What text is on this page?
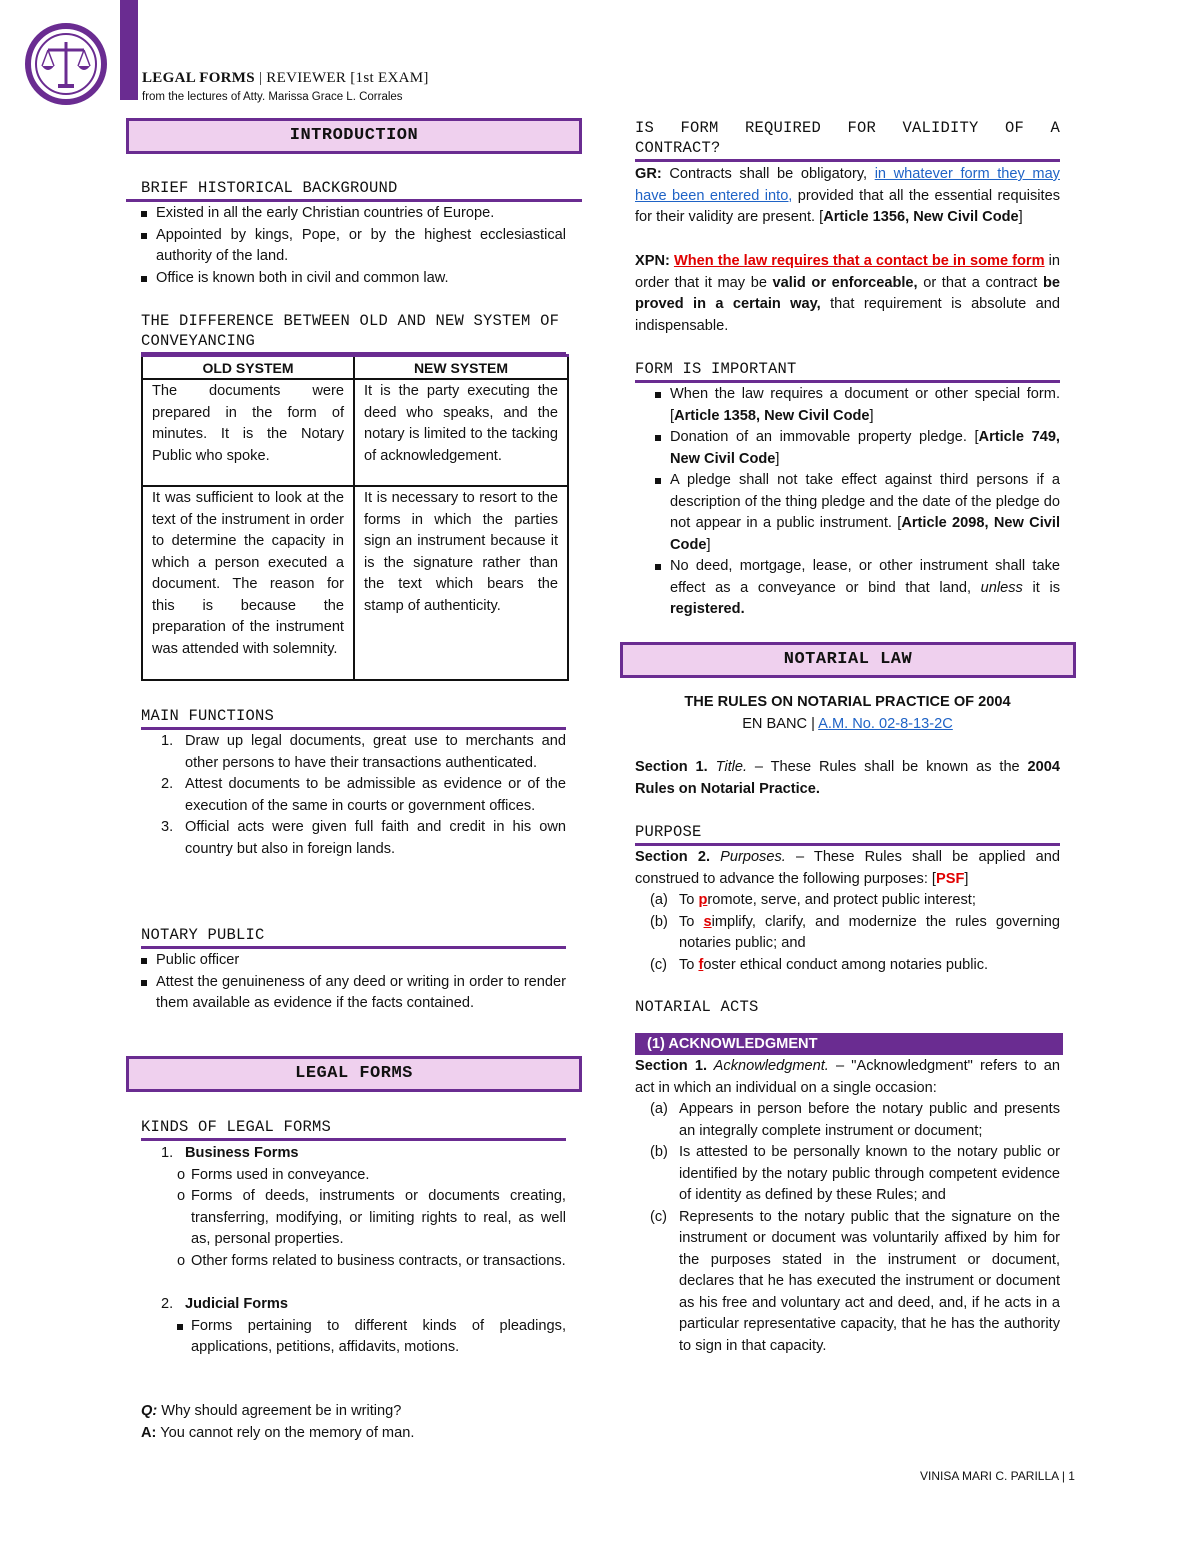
LEGAL FORMS | REVIEWER [1st EXAM]
from the lectures of Atty. Marissa Grace L. Corrales
INTRODUCTION
BRIEF HISTORICAL BACKGROUND
Existed in all the early Christian countries of Europe.
Appointed by kings, Pope, or by the highest ecclesiastical authority of the land.
Office is known both in civil and common law.
THE DIFFERENCE BETWEEN OLD AND NEW SYSTEM OF CONVEYANCING
OLD SYSTEM	NEW SYSTEM
The documents were prepared in the form of minutes. It is the Notary Public who spoke.	It is the party executing the deed who speaks, and the notary is limited to the tacking of acknowledgement.
It was sufficient to look at the text of the instrument in order to determine the capacity in which a person executed a document. The reason for this is because the preparation of the instrument was attended with solemnity.	It is necessary to resort to the forms in which the parties sign an instrument because it is the signature rather than the text which bears the stamp of authenticity.
MAIN FUNCTIONS
1. Draw up legal documents, great use to merchants and other persons to have their transactions authenticated.
2. Attest documents to be admissible as evidence or of the execution of the same in courts or government offices.
3. Official acts were given full faith and credit in his own country but also in foreign lands.
NOTARY PUBLIC
Public officer
Attest the genuineness of any deed or writing in order to render them available as evidence if the facts contained.
LEGAL FORMS
KINDS OF LEGAL FORMS
1. Business Forms
o Forms used in conveyance.
o Forms of deeds, instruments or documents creating, transferring, modifying, or limiting rights to real, as well as, personal properties.
o Other forms related to business contracts, or transactions.
2. Judicial Forms
Forms pertaining to different kinds of pleadings, applications, petitions, affidavits, motions.
Q: Why should agreement be in writing?
A: You cannot rely on the memory of man.
IS FORM REQUIRED FOR VALIDITY OF A CONTRACT?
GR: Contracts shall be obligatory, in whatever form they may have been entered into, provided that all the essential requisites for their validity are present. [Article 1356, New Civil Code]
XPN: When the law requires that a contact be in some form in order that it may be valid or enforceable, or that a contract be proved in a certain way, that requirement is absolute and indispensable.
FORM IS IMPORTANT
When the law requires a document or other special form. [Article 1358, New Civil Code]
Donation of an immovable property pledge. [Article 749, New Civil Code]
A pledge shall not take effect against third persons if a description of the thing pledge and the date of the pledge do not appear in a public instrument. [Article 2098, New Civil Code]
No deed, mortgage, lease, or other instrument shall take effect as a conveyance or bind that land, unless it is registered.
NOTARIAL LAW
THE RULES ON NOTARIAL PRACTICE OF 2004
EN BANC | A.M. No. 02-8-13-2C
Section 1. Title. – These Rules shall be known as the 2004 Rules on Notarial Practice.
PURPOSE
Section 2. Purposes. – These Rules shall be applied and construed to advance the following purposes: [PSF]
(a) To promote, serve, and protect public interest;
(b) To simplify, clarify, and modernize the rules governing notaries public; and
(c) To foster ethical conduct among notaries public.
NOTARIAL ACTS
(1) ACKNOWLEDGMENT
Section 1. Acknowledgment. – "Acknowledgment" refers to an act in which an individual on a single occasion:
(a) Appears in person before the notary public and presents an integrally complete instrument or document;
(b) Is attested to be personally known to the notary public or identified by the notary public through competent evidence of identity as defined by these Rules; and
(c) Represents to the notary public that the signature on the instrument or document was voluntarily affixed by him for the purposes stated in the instrument or document, declares that he has executed the instrument or document as his free and voluntary act and deed, and, if he acts in a particular representative capacity, that he has the authority to sign in that capacity.
VINISA MARI C. PARILLA | 1
